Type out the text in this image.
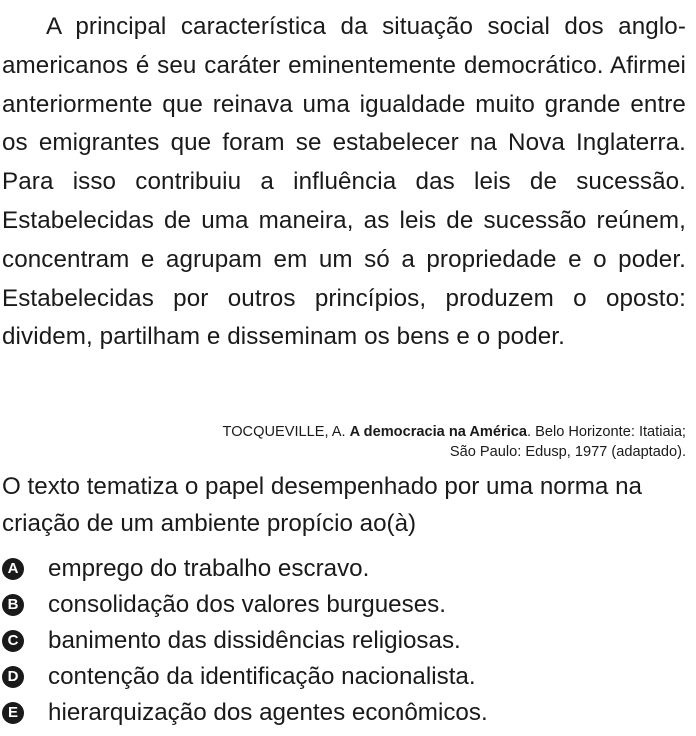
A principal característica da situação social dos anglo-americanos é seu caráter eminentemente democrático. Afirmei anteriormente que reinava uma igualdade muito grande entre os emigrantes que foram se estabelecer na Nova Inglaterra. Para isso contribuiu a influência das leis de sucessão. Estabelecidas de uma maneira, as leis de sucessão reúnem, concentram e agrupam em um só a propriedade e o poder. Estabelecidas por outros princípios, produzem o oposto: dividem, partilham e disseminam os bens e o poder.

TOCQUEVILLE, A. A democracia na América. Belo Horizonte: Itatiaia;
São Paulo: Edusp, 1977 (adaptado).

O texto tematiza o papel desempenhado por uma norma na criação de um ambiente propício ao(à)

A emprego do trabalho escravo.
B consolidação dos valores burgueses.
C banimento das dissidências religiosas.
D contenção da identificação nacionalista.
E hierarquização dos agentes econômicos.
